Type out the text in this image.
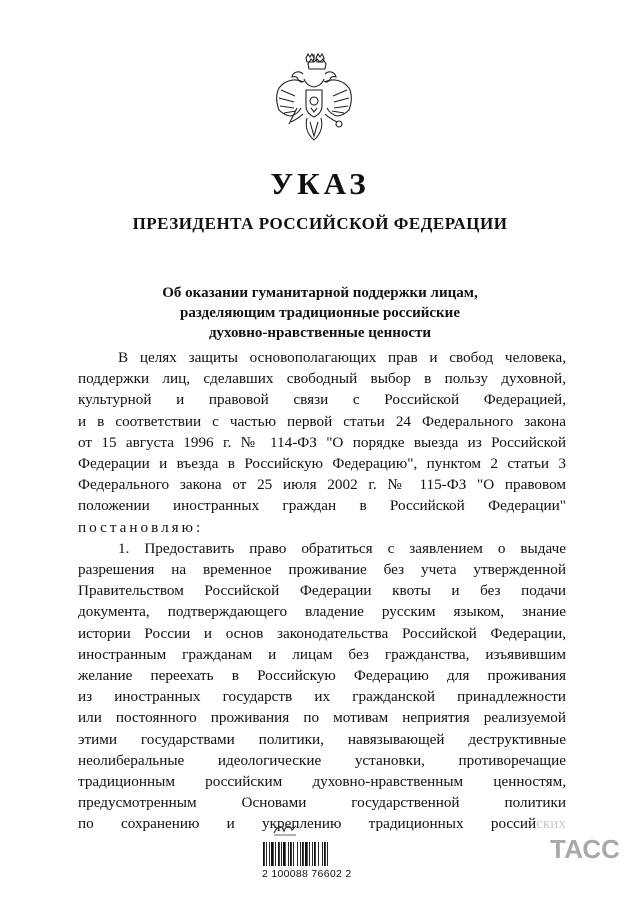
УКАЗ
ПРЕЗИДЕНТА РОССИЙСКОЙ ФЕДЕРАЦИИ
Об оказании гуманитарной поддержки лицам,
разделяющим традиционные российские
духовно-нравственные ценности
В целях защиты основополагающих прав и свобод человека,
поддержки лиц, сделавших свободный выбор в пользу духовной,
культурной и правовой связи с Российской Федерацией,
и в соответствии с частью первой статьи 24 Федерального закона
от 15 августа 1996 г. № 114-ФЗ "О порядке выезда из Российской
Федерации и въезда в Российскую Федерацию", пунктом 2 статьи 3
Федерального закона от 25 июля 2002 г. № 115-ФЗ "О правовом
положении иностранных граждан в Российской Федерации"
постановляю:
1. Предоставить право обратиться с заявлением о выдаче
разрешения на временное проживание без учета утвержденной
Правительством Российской Федерации квоты и без подачи
документа, подтверждающего владение русским языком, знание
истории России и основ законодательства Российской Федерации,
иностранным гражданам и лицам без гражданства, изъявившим
желание переехать в Российскую Федерацию для проживания
из иностранных государств их гражданской принадлежности
или постоянного проживания по мотивам неприятия реализуемой
этими государствами политики, навязывающей деструктивные
неолиберальные идеологические установки, противоречащие
традиционным российским духовно-нравственным ценностям,
предусмотренным Основами государственной политики
по сохранению и укреплению традиционных российских
2 100088 76602 2
ТАСС
